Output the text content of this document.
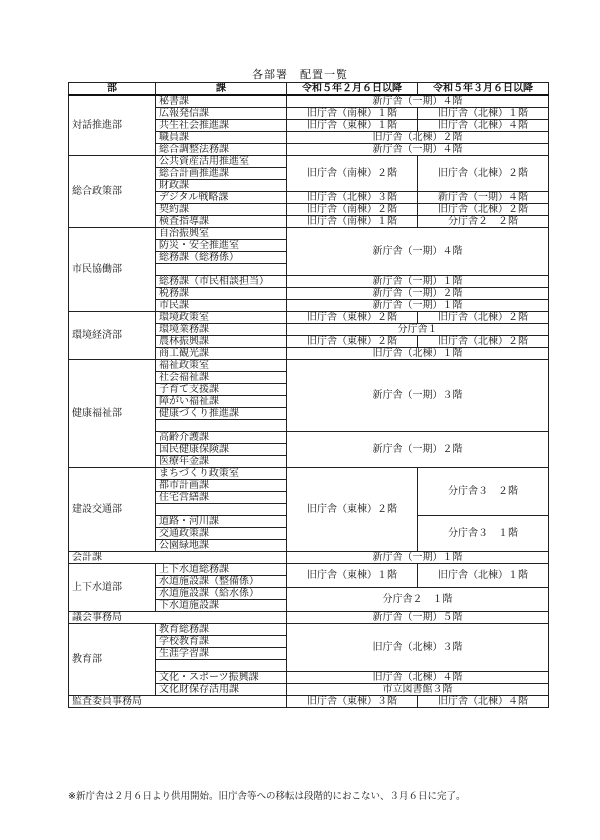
各部署　配置一覧
部	課	令和５年２月６日以降	令和５年３月６日以降
対話推進部	秘書課	新庁舎（一期）４階	
	広報発信課	旧庁舎（南棟）１階	旧庁舎（北棟）１階
	共生社会推進課	旧庁舎（東棟）１階	旧庁舎（北棟）４階
	職員課	旧庁舎（北棟）２階	
	総合調整法務課	新庁舎（一期）４階	
総合政策部	公共資産活用推進室	旧庁舎（南棟）２階	旧庁舎（北棟）２階
	総合計画推進課		
	財政課		
	デジタル戦略課	旧庁舎（北棟）３階	新庁舎（一期）４階
	契約課	旧庁舎（南棟）２階	旧庁舎（北棟）２階
	検査指導課	旧庁舎（南棟）１階	分庁舎２　２階
市民協働部	自治振興室	新庁舎（一期）４階	
	防災・安全推進室		
	総務課（総務係）		

	総務課（市民相談担当）	新庁舎（一期）１階	
	税務課	新庁舎（一期）２階	
	市民課	新庁舎（一期）１階	
環境経済部	環境政策室	旧庁舎（東棟）２階	旧庁舎（北棟）２階
	環境業務課	分庁舎１	
	農林振興課	旧庁舎（東棟）２階	旧庁舎（北棟）２階
	商工観光課	旧庁舎（北棟）１階	
健康福祉部	福祉政策室	新庁舎（一期）３階	
	社会福祉課		
	子育て支援課		
	障がい福祉課		
	健康づくり推進課		

	高齢介護課	新庁舎（一期）２階	
	国民健康保険課		
	医療年金課		
建設交通部	まちづくり政策室	旧庁舎（東棟）２階	分庁舎３　２階
	都市計画課		
	住宅営繕課		

	道路・河川課		分庁舎３　１階
	交通政策課		
	公園緑地課		
会計課		新庁舎（一期）１階	
上下水道部	上下水道総務課	旧庁舎（東棟）１階	旧庁舎（北棟）１階
	水道施設課（整備係）		
	水道施設課（給水係）	分庁舎２　１階	
	下水道施設課		
議会事務局		新庁舎（一期）５階	
教育部	教育総務課	旧庁舎（北棟）３階	
	学校教育課		
	生涯学習課		

	文化・スポーツ振興課	旧庁舎（北棟）４階	
	文化財保存活用課	市立図書館３階	
監査委員事務局		旧庁舎（東棟）３階	旧庁舎（北棟）４階
※新庁舎は２月６日より供用開始。旧庁舎等への移転は段階的におこない、３月６日に完了。
